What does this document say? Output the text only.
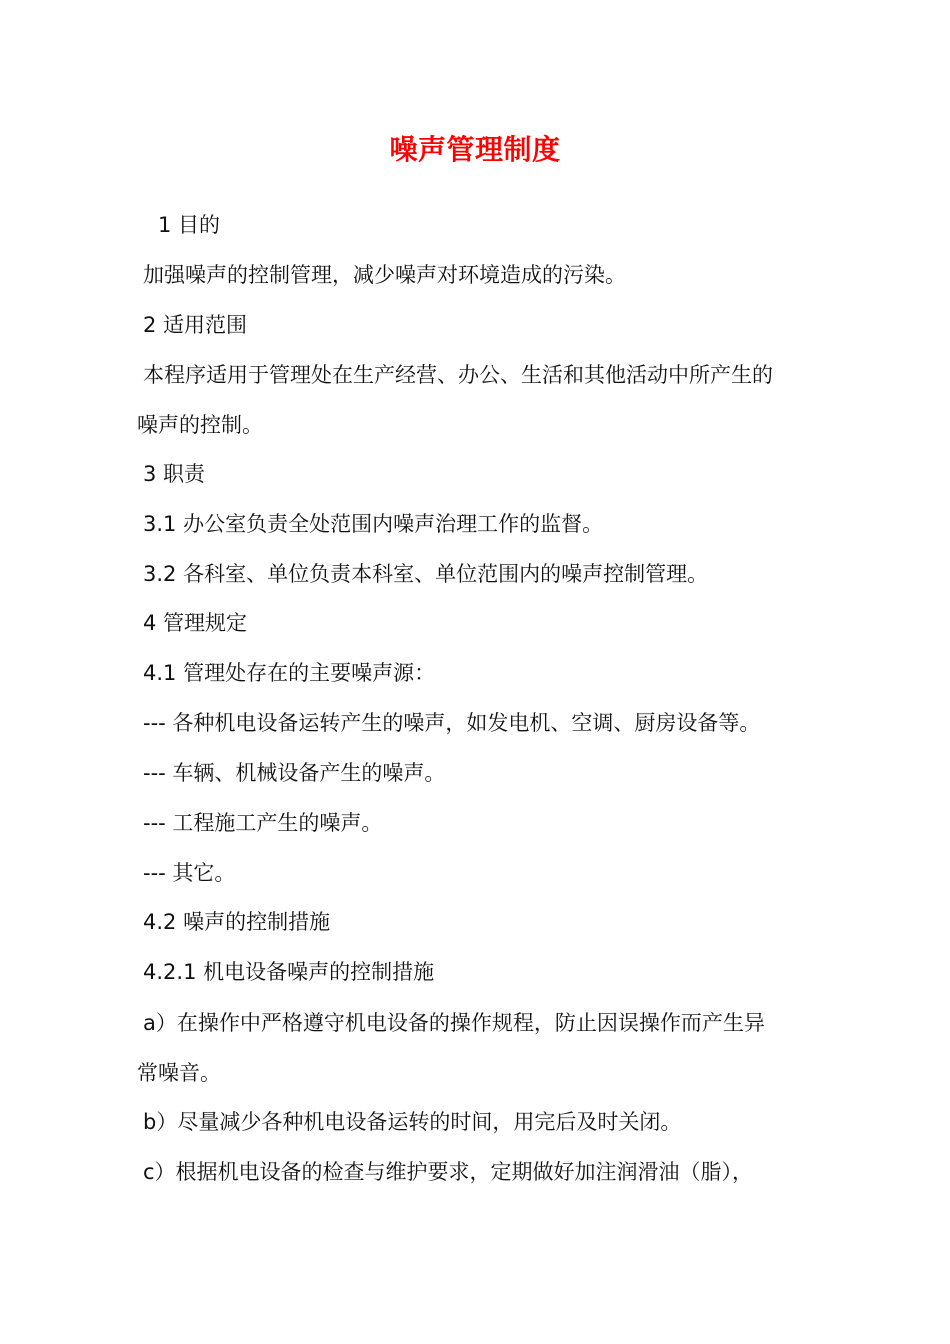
噪声管理制度
1 目的
加强噪声的控制管理，减少噪声对环境造成的污染。
2 适用范围
本程序适用于管理处在生产经营、办公、生活和其他活动中所产生的
噪声的控制。
3 职责
3.1 办公室负责全处范围内噪声治理工作的监督。
3.2 各科室、单位负责本科室、单位范围内的噪声控制管理。
4 管理规定
4.1 管理处存在的主要噪声源：
--- 各种机电设备运转产生的噪声，如发电机、空调、厨房设备等。
--- 车辆、机械设备产生的噪声。
--- 工程施工产生的噪声。
--- 其它。
4.2 噪声的控制措施
4.2.1 机电设备噪声的控制措施
a）在操作中严格遵守机电设备的操作规程，防止因误操作而产生异
常噪音。
b）尽量减少各种机电设备运转的时间，用完后及时关闭。
c）根据机电设备的检查与维护要求，定期做好加注润滑油（脂），
